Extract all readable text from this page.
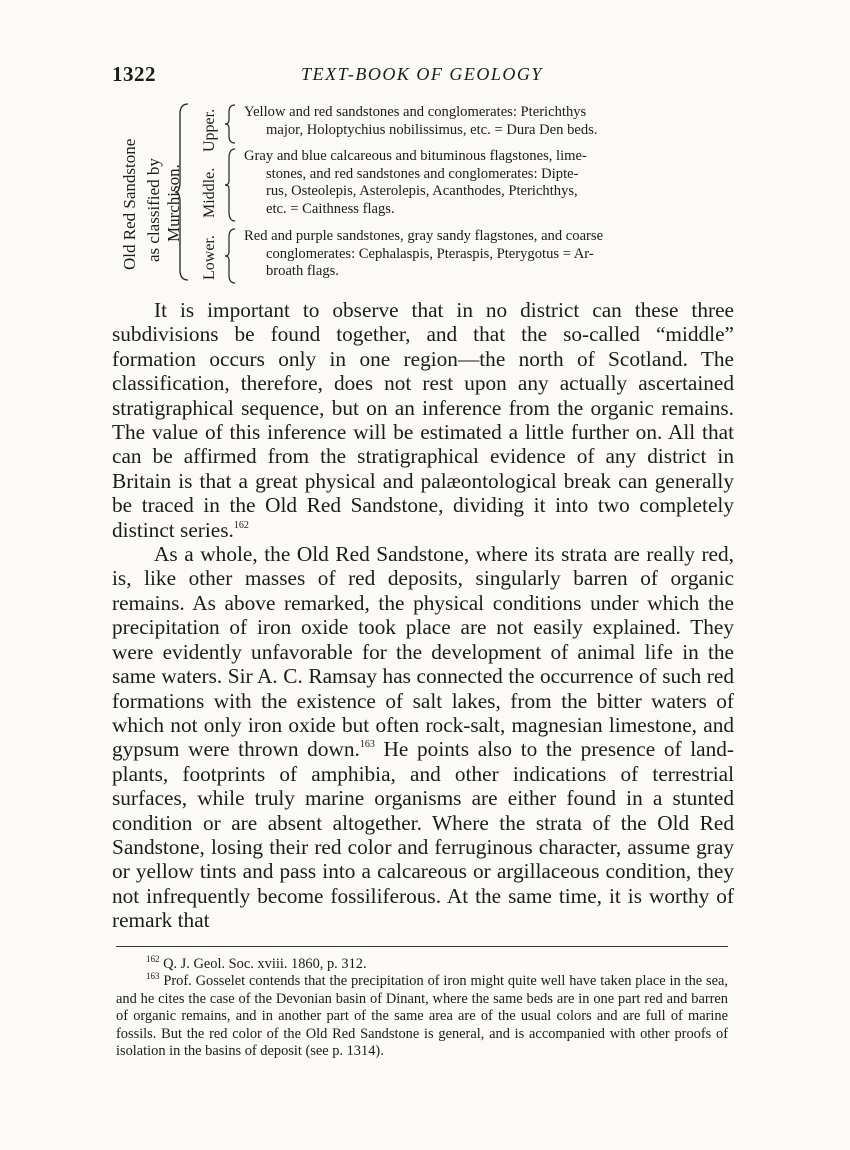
1322	TEXT-BOOK OF GEOLOGY
Old Red Sandstone as classified by
Murchison.
Upper.
Middle.
Lower.
Yellow and red sandstones and conglomerates: Pterichthys
major, Holoptychius nobilissimus, etc. = Dura Den beds.
Gray and blue calcareous and bituminous flagstones, lime-
stones, and red sandstones and conglomerates: Dipte-
rus, Osteolepis, Asterolepis, Acanthodes, Pterichthys,
etc. = Caithness flags.
Red and purple sandstones, gray sandy flagstones, and coarse
conglomerates: Cephalaspis, Pteraspis, Pterygotus = Ar-
broath flags.

It is important to observe that in no district can these three subdivisions be found together, and that the so-called “middle” formation occurs only in one region—the north of Scotland. The classification, therefore, does not rest upon any actually ascertained stratigraphical sequence, but on an inference from the organic remains. The value of this inference will be estimated a little further on. All that can be affirmed from the stratigraphical evidence of any district in Britain is that a great physical and palæontological break can generally be traced in the Old Red Sandstone, dividing it into two completely distinct series.$^{162}$

As a whole, the Old Red Sandstone, where its strata are really red, is, like other masses of red deposits, singularly barren of organic remains. As above remarked, the physical conditions under which the precipitation of iron oxide took place are not easily explained. They were evidently unfavorable for the development of animal life in the same waters. Sir A. C. Ramsay has connected the occurrence of such red formations with the existence of salt lakes, from the bitter waters of which not only iron oxide but often rock-salt, magnesian limestone, and gypsum were thrown down.$^{163}$ He points also to the presence of land-plants, footprints of amphibia, and other indications of terrestrial surfaces, while truly marine organisms are either found in a stunted condition or are absent altogether. Where the strata of the Old Red Sandstone, losing their red color and ferruginous character, assume gray or yellow tints and pass into a calcareous or argillaceous condition, they not infrequently become fossiliferous. At the same time, it is worthy of remark that

$^{162}$ Q. J. Geol. Soc. xviii. 1860, p. 312.

$^{163}$ Prof. Gosselet contends that the precipitation of iron might quite well have taken place in the sea, and he cites the case of the Devonian basin of Dinant, where the same beds are in one part red and barren of organic remains, and in another part of the same area are of the usual colors and are full of marine fossils. But the red color of the Old Red Sandstone is general, and is accompanied with other proofs of isolation in the basins of deposit (see p. 1314).
